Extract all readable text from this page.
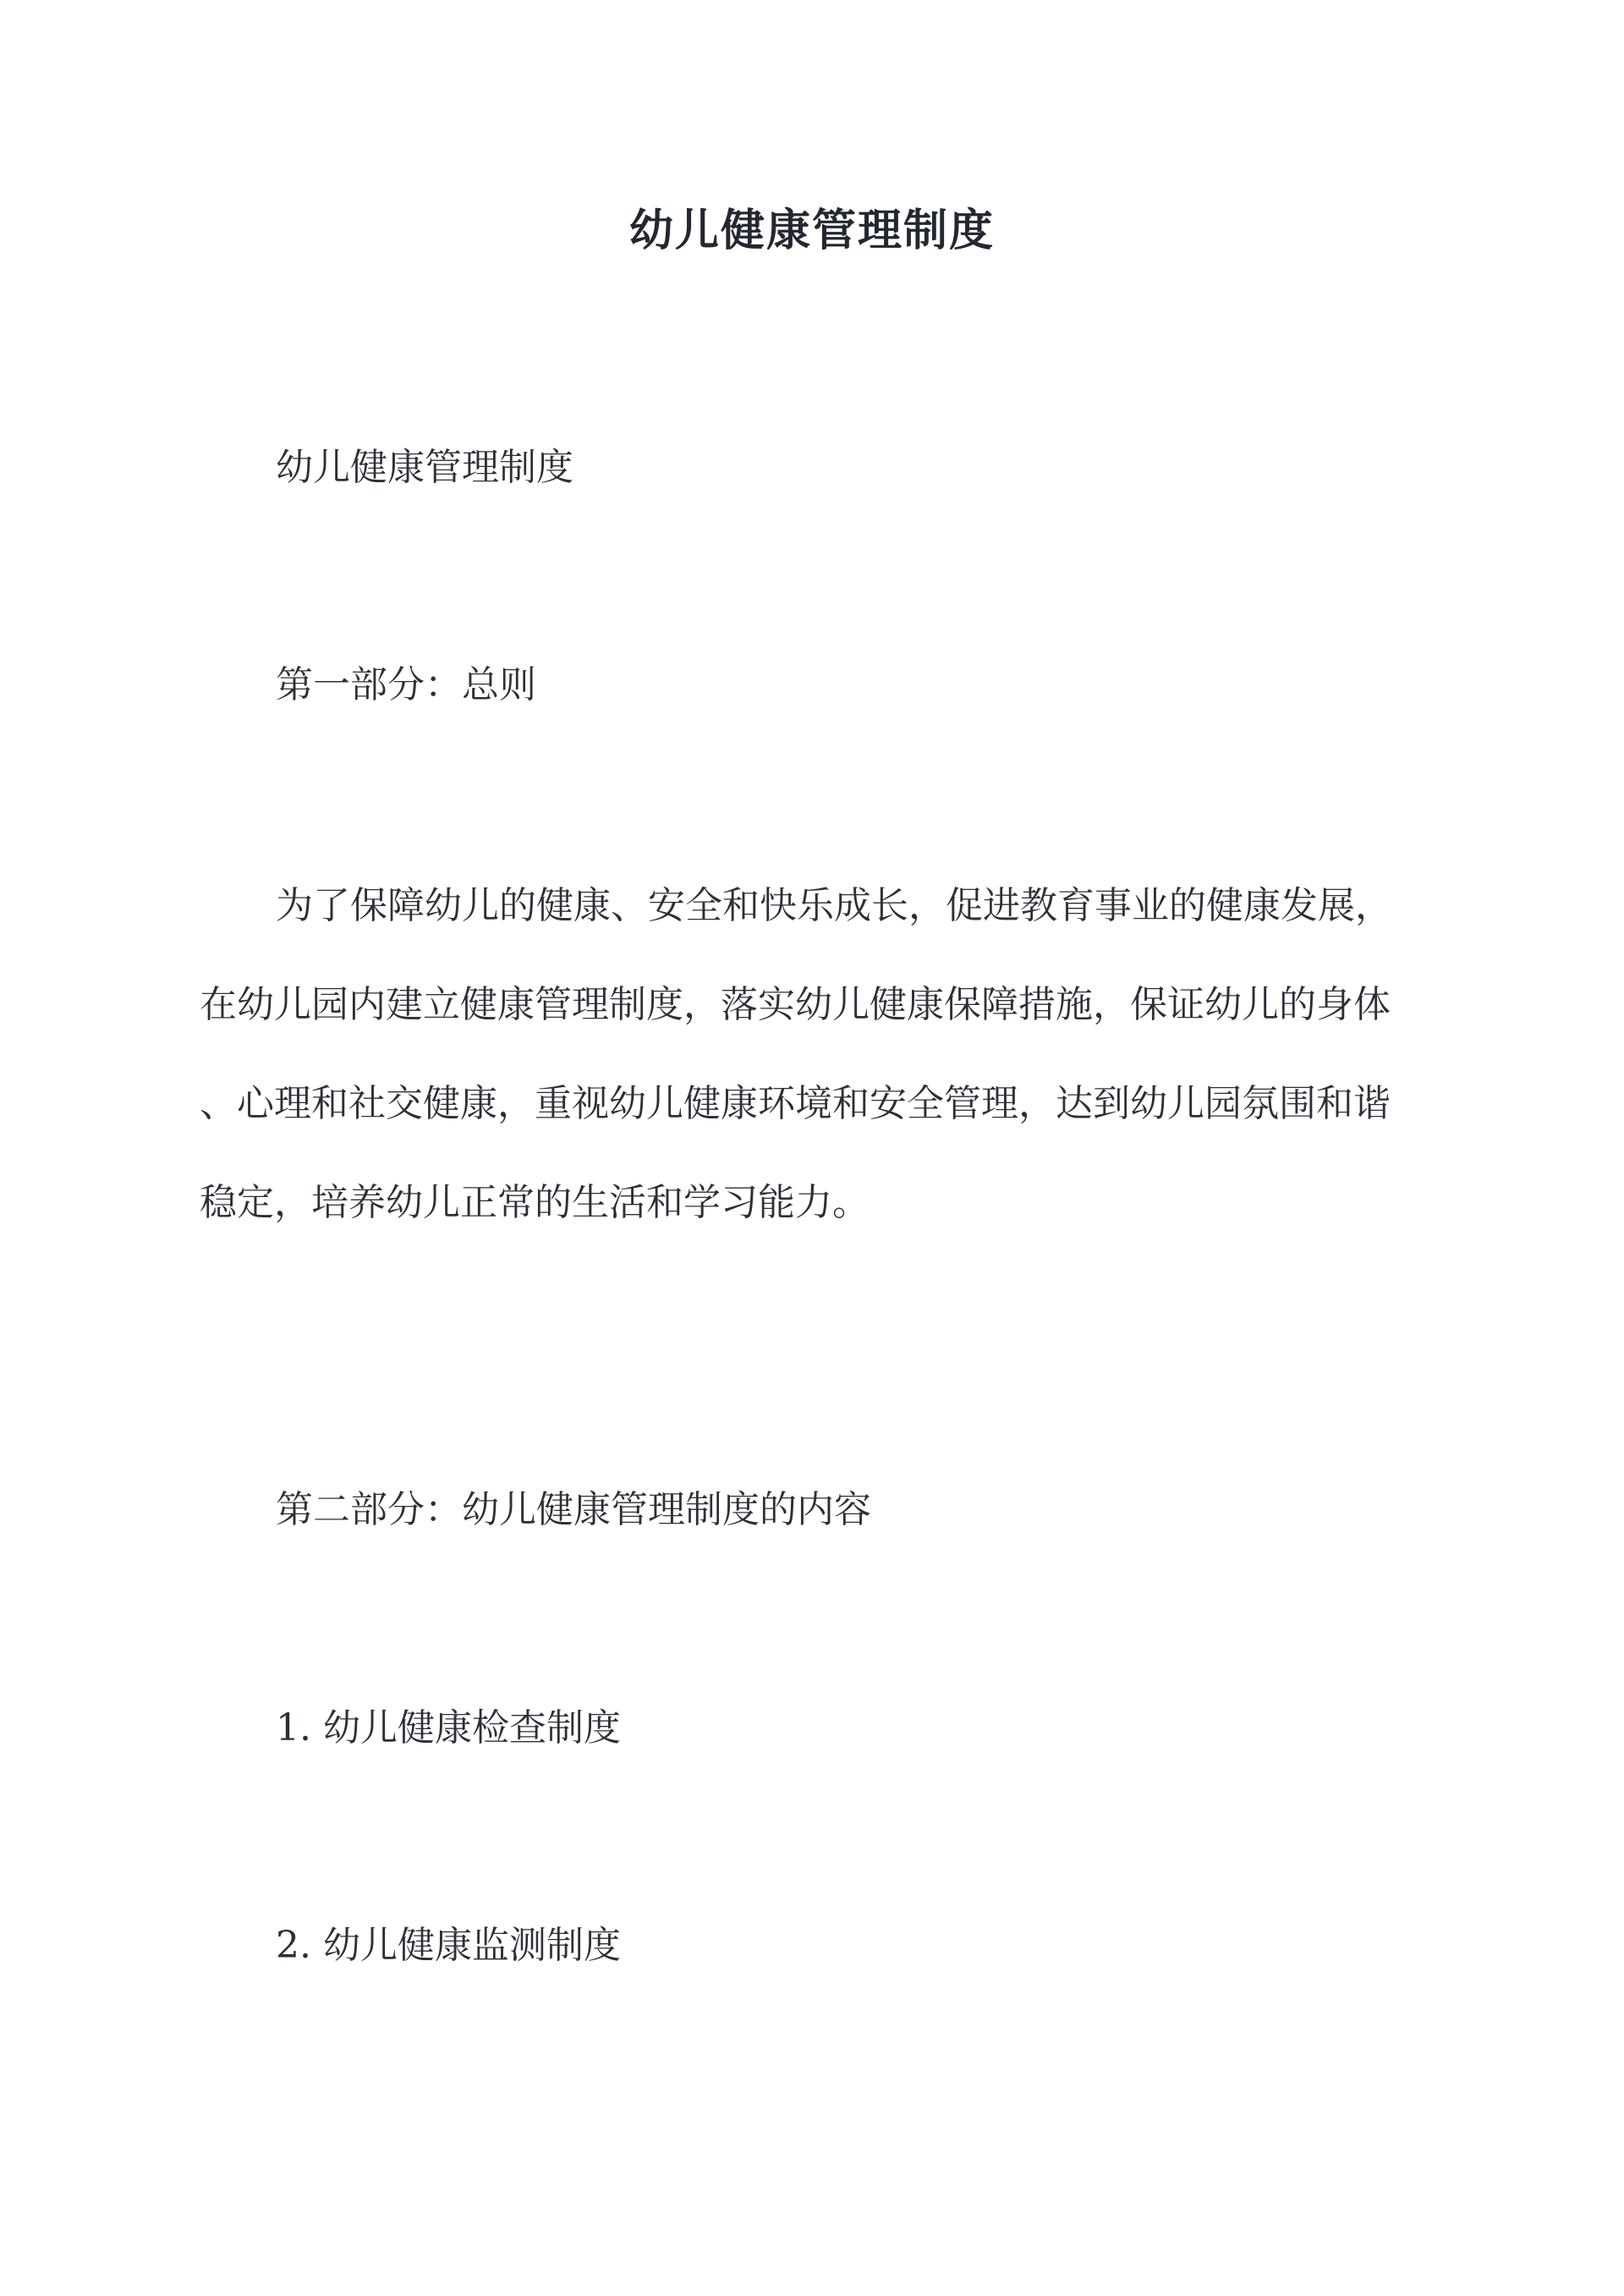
幼儿健康管理制度
幼儿健康管理制度
第一部分：总则
为了保障幼儿的健康、安全和快乐成长，促进教育事业的健康发展，
在幼儿园内建立健康管理制度，落实幼儿健康保障措施，保证幼儿的身体
、心理和社交健康，重视幼儿健康环境和安全管理，达到幼儿园氛围和谐
稳定，培养幼儿正常的生活和学习能力。
第二部分：幼儿健康管理制度的内容
1. 幼儿健康检查制度
2. 幼儿健康监测制度
